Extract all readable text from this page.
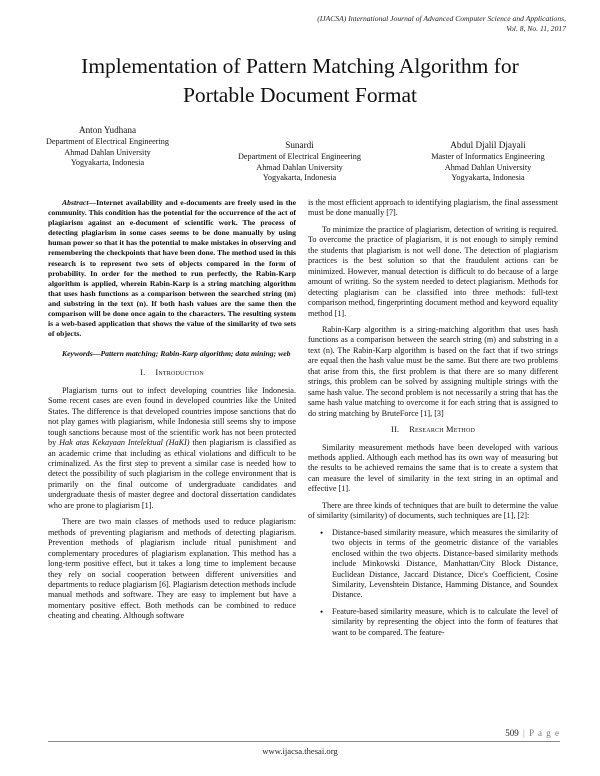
(IJACSA) International Journal of Advanced Computer Science and Applications,
Vol. 8, No. 11, 2017
Implementation of Pattern Matching Algorithm for
Portable Document Format
Anton Yudhana
Department of Electrical Engineering
Ahmad Dahlan University
Yogyakarta, Indonesia
Sunardi
Department of Electrical Engineering
Ahmad Dahlan University
Yogyakarta, Indonesia
Abdul Djalil Djayali
Master of Informatics Engineering
Ahmad Dahlan University
Yogyakarta, Indonesia

Abstract—Internet availability and e-documents are freely used in the community. This condition has the potential for the occurrence of the act of plagiarism against an e-document of scientific work. The process of detecting plagiarism in some cases seems to be done manually by using human power so that it has the potential to make mistakes in observing and remembering the checkpoints that have been done. The method used in this research is to represent two sets of objects compared in the form of probability. In order for the method to run perfectly, the Rabin-Karp algorithm is applied, wherein Rabin-Karp is a string matching algorithm that uses hash functions as a comparison between the searched string (m) and substring in the text (n). If both hash values are the same then the comparison will be done once again to the characters. The resulting system is a web-based application that shows the value of the similarity of two sets of objects.

Keywords—Pattern matching; Rabin-Karp algorithm; data mining; web

I. Introduction

Plagiarism turns out to infect developing countries like Indonesia. Some recent cases are even found in developed countries like the United States. The difference is that developed countries impose sanctions that do not play games with plagiarism, while Indonesia still seems shy to impose tough sanctions because most of the scientific work has not been protected by Hak atas Kekayaan Intelektual (HaKI) then plagiarism is classified as an academic crime that including as ethical violations and difficult to be criminalized. As the first step to prevent a similar case is needed how to detect the possibility of such plagiarism in the college environment that is primarily on the final outcome of undergraduate candidates and undergraduate thesis of master degree and doctoral dissertation candidates who are prone to plagiarism [1].

There are two main classes of methods used to reduce plagiarism: methods of preventing plagiarism and methods of detecting plagiarism. Prevention methods of plagiarism include ritual punishment and complementary procedures of plagiarism explanation. This method has a long-term positive effect, but it takes a long time to implement because they rely on social cooperation between different universities and departments to reduce plagiarism [6]. Plagiarism detection methods include manual methods and software. They are easy to implement but have a momentary positive effect. Both methods can be combined to reduce cheating and cheating. Although software

is the most efficient approach to identifying plagiarism, the final assessment must be done manually [7].

To minimize the practice of plagiarism, detection of writing is required. To overcome the practice of plagiarism, it is not enough to simply remind the students that plagiarism is not well done. The detection of plagiarism practices is the best solution so that the fraudulent actions can be minimized. However, manual detection is difficult to do because of a large amount of writing. So the system needed to detect plagiarism. Methods for detecting plagiarism can be classified into three methods: full-text comparison method, fingerprinting document method and keyword equality method [1].

Rabin-Karp algorithm is a string-matching algorithm that uses hash functions as a comparison between the search string (m) and substring in a text (n). The Rabin-Karp algorithm is based on the fact that if two strings are equal then the hash value must be the same. But there are two problems that arise from this, the first problem is that there are so many different strings, this problem can be solved by assigning multiple strings with the same hash value. The second problem is not necessarily a string that has the same hash value matching to overcome it for each string that is assigned to do string matching by BruteForce [1], [3]

II. Research Method

Similarity measurement methods have been developed with various methods applied. Although each method has its own way of measuring but the results to be achieved remains the same that is to create a system that can measure the level of similarity in the text string in an optimal and effective [1].

There are three kinds of techniques that are built to determine the value of similarity (similarity) of documents, such techniques are [1], [2]:

• Distance-based similarity measure, which measures the similarity of two objects in terms of the geometric distance of the variables enclosed within the two objects. Distance-based similarity methods include Minkowski Distance, Manhattan/City Block Distance, Euclidean Distance, Jaccard Distance, Dice's Coefficient, Cosine Similarity, Levenshtein Distance, Hamming Distance, and Soundex Distance.
• Feature-based similarity measure, which is to calculate the level of similarity by representing the object into the form of features that want to be compared. The feature-
509 | P a g e
www.ijacsa.thesai.org
